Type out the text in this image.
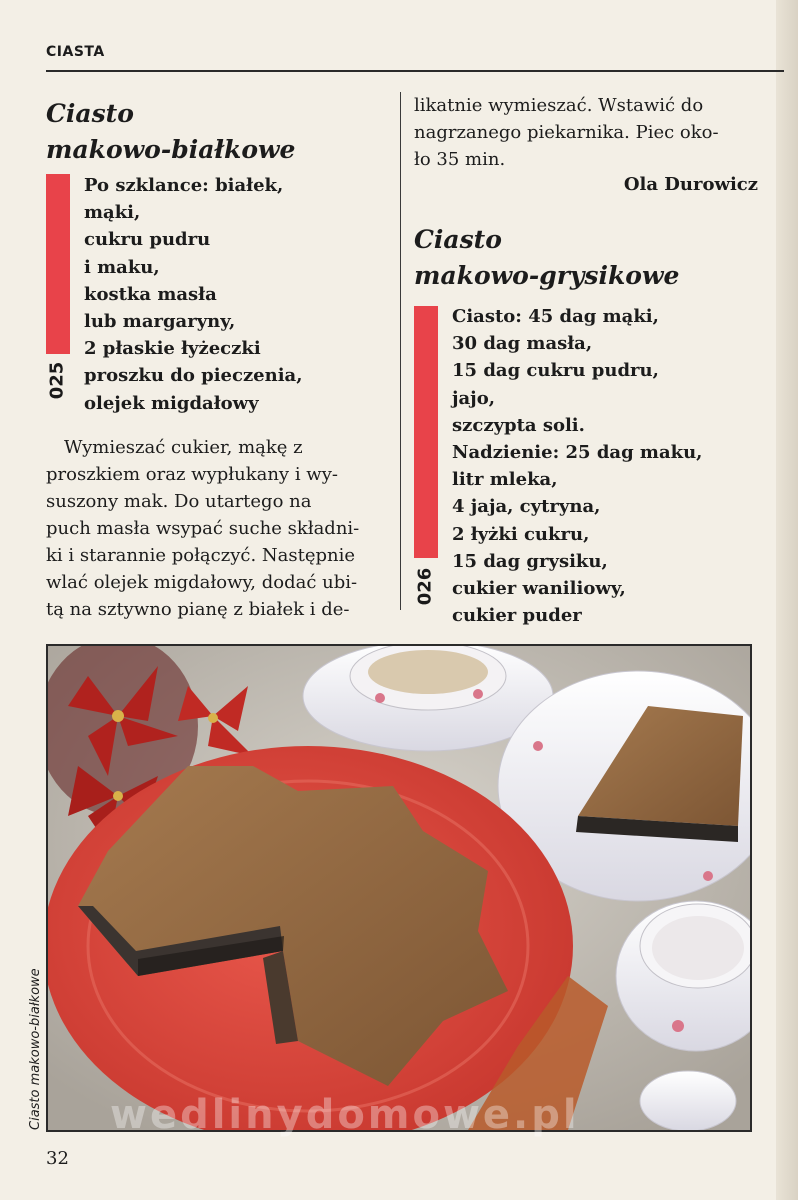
CIASTA
Ciasto
makowo-białkowe
025
Po szklance: białek,
mąki,
cukru pudru
i maku,
kostka masła
lub margaryny,
2 płaskie łyżeczki
proszku do pieczenia,
olejek migdałowy
Wymieszać cukier, mąkę z
proszkiem oraz wypłukany i wy-
suszony mak. Do utartego na
puch masła wsypać suche składni-
ki i starannie połączyć. Następnie
wlać olejek migdałowy, dodać ubi-
tą na sztywno pianę z białek i de-
likatnie wymieszać. Wstawić do
nagrzanego piekarnika. Piec oko-
ło 35 min.
Ola Durowicz
Ciasto
makowo-grysikowe
026
Ciasto: 45 dag mąki,
30 dag masła,
15 dag cukru pudru,
jajo,
szczypta soli.
Nadzienie: 25 dag maku,
litr mleka,
4 jaja, cytryna,
2 łyżki cukru,
15 dag grysiku,
cukier waniliowy,
cukier puder
wedlinydomowe.pl
Ciasto makowo-białkowe
32
